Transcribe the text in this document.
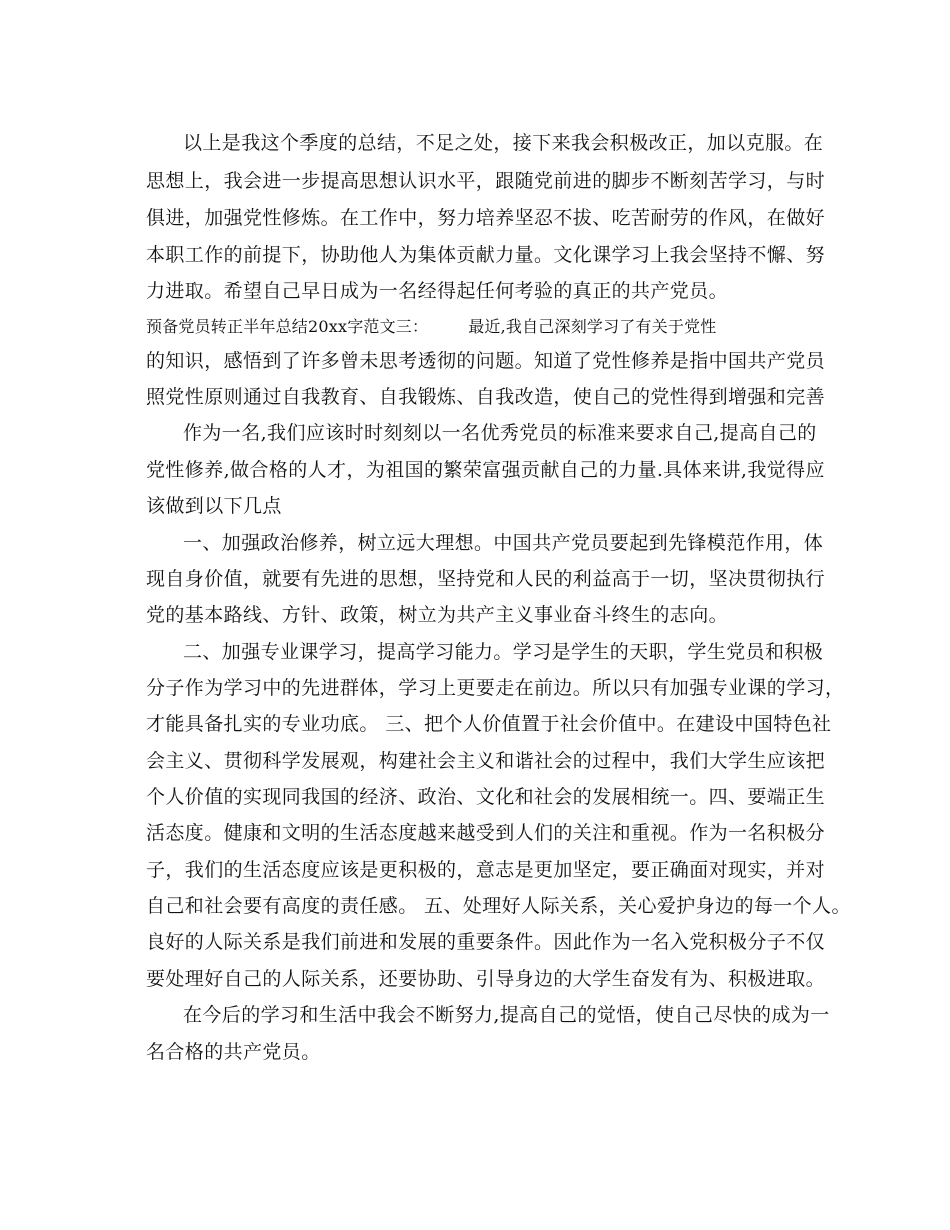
以上是我这个季度的总结，不足之处，接下来我会积极改正，加以克服。在
思想上，我会进一步提高思想认识水平，跟随党前进的脚步不断刻苦学习，与时
俱进，加强党性修炼。在工作中，努力培养坚忍不拔、吃苦耐劳的作风，在做好
本职工作的前提下，协助他人为集体贡献力量。文化课学习上我会坚持不懈、努
力进取。希望自己早日成为一名经得起任何考验的真正的共产党员。
预备党员转正半年总结20xx字范文三：	最近,我自己深刻学习了有关于党性
的知识，感悟到了许多曾未思考透彻的问题。知道了党性修养是指中国共产党员
照党性原则通过自我教育、自我锻炼、自我改造，使自己的党性得到增强和完善
作为一名,我们应该时时刻刻以一名优秀党员的标准来要求自己,提高自己的
党性修养,做合格的人才，为祖国的繁荣富强贡献自己的力量.具体来讲,我觉得应
该做到以下几点
一、加强政治修养，树立远大理想。中国共产党员要起到先锋模范作用，体
现自身价值，就要有先进的思想，坚持党和人民的利益高于一切，坚决贯彻执行
党的基本路线、方针、政策，树立为共产主义事业奋斗终生的志向。
二、加强专业课学习，提高学习能力。学习是学生的天职，学生党员和积极
分子作为学习中的先进群体，学习上更要走在前边。所以只有加强专业课的学习，
才能具备扎实的专业功底。 三、把个人价值置于社会价值中。在建设中国特色社
会主义、贯彻科学发展观，构建社会主义和谐社会的过程中，我们大学生应该把
个人价值的实现同我国的经济、政治、文化和社会的发展相统一。四、要端正生
活态度。健康和文明的生活态度越来越受到人们的关注和重视。作为一名积极分
子，我们的生活态度应该是更积极的，意志是更加坚定，要正确面对现实，并对
自己和社会要有高度的责任感。 五、处理好人际关系，关心爱护身边的每一个人。
良好的人际关系是我们前进和发展的重要条件。因此作为一名入党积极分子不仅
要处理好自己的人际关系，还要协助、引导身边的大学生奋发有为、积极进取。
在今后的学习和生活中我会不断努力,提高自己的觉悟，使自己尽快的成为一
名合格的共产党员。
